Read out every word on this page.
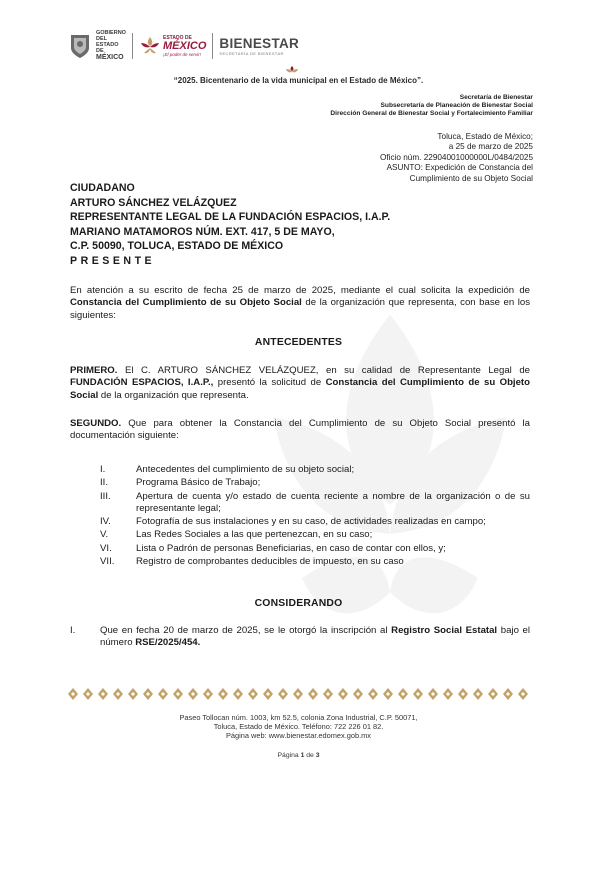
GOBIERNO DEL
ESTADO DE
MÉXICO
ESTADO DE
MÉXICO
¡El poder de servir!
BIENESTAR
SECRETARÍA DE BIENESTAR
“2025. Bicentenario de la vida municipal en el Estado de México”.
Secretaría de Bienestar
Subsecretaría de Planeación de Bienestar Social
Dirección General de Bienestar Social y Fortalecimiento Familiar
Toluca, Estado de México;
a 25 de marzo de 2025
Oficio núm. 22904001000000L/0484/2025
ASUNTO: Expedición de Constancia del
Cumplimiento de su Objeto Social
CIUDADANO
ARTURO SÁNCHEZ VELÁZQUEZ
REPRESENTANTE LEGAL DE LA FUNDACIÓN ESPACIOS, I.A.P.
MARIANO MATAMOROS NÚM. EXT. 417, 5 DE MAYO,
C.P. 50090, TOLUCA, ESTADO DE MÉXICO
PRESENTE
En atención a su escrito de fecha 25 de marzo de 2025, mediante el cual solicita la expedición de Constancia del Cumplimiento de su Objeto Social de la organización que representa, con base en los siguientes:
ANTECEDENTES
PRIMERO. El C. ARTURO SÁNCHEZ VELÁZQUEZ, en su calidad de Representante Legal de FUNDACIÓN ESPACIOS, I.A.P., presentó la solicitud de Constancia del Cumplimiento de su Objeto Social de la organización que representa.
SEGUNDO. Que para obtener la Constancia del Cumplimiento de su Objeto Social presentó la documentación siguiente:
I.	Antecedentes del cumplimiento de su objeto social;
II.	Programa Básico de Trabajo;
III.	Apertura de cuenta y/o estado de cuenta reciente a nombre de la organización o de su representante legal;
IV.	Fotografía de sus instalaciones y en su caso, de actividades realizadas en campo;
V.	Las Redes Sociales a las que pertenezcan, en su caso;
VI.	Lista o Padrón de personas Beneficiarias, en caso de contar con ellos, y;
VII.	Registro de comprobantes deducibles de impuesto, en su caso
CONSIDERANDO
I.	Que en fecha 20 de marzo de 2025, se le otorgó la inscripción al Registro Social Estatal bajo el número RSE/2025/454.
Paseo Tollocan núm. 1003, km 52.5, colonia Zona Industrial, C.P. 50071,
Toluca, Estado de México. Teléfono: 722 226 01 82.
Página web: www.bienestar.edomex.gob.mx
Página 1 de 3
